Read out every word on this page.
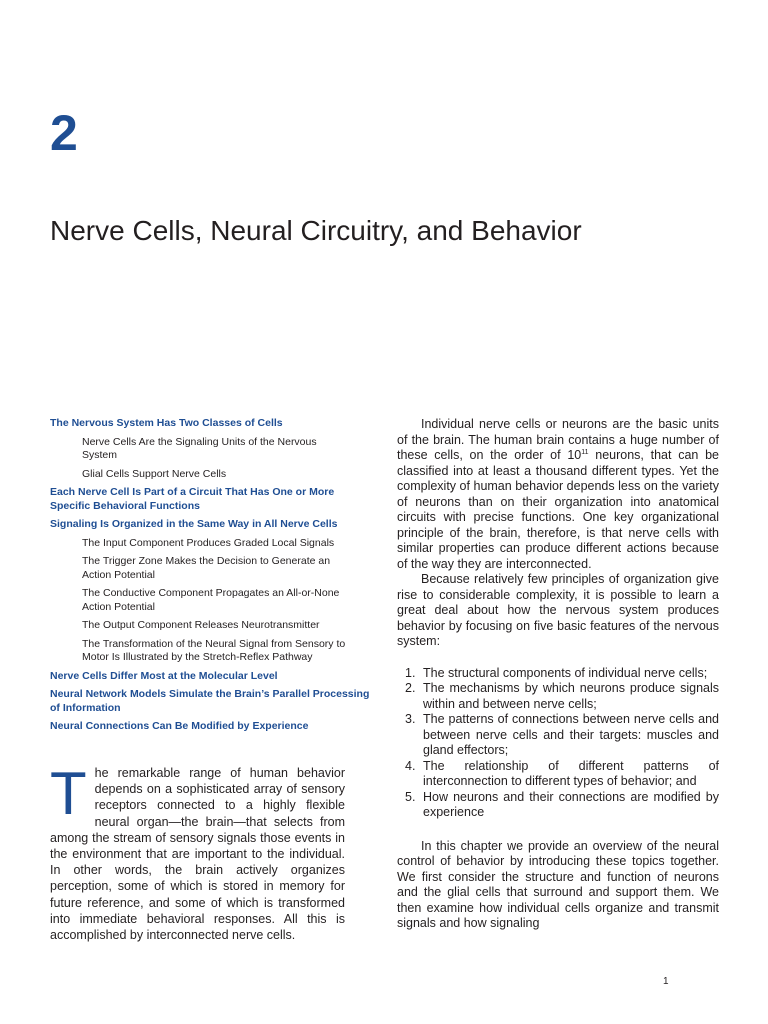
2
Nerve Cells, Neural Circuitry, and Behavior
The Nervous System Has Two Classes of Cells
Nerve Cells Are the Signaling Units of the Nervous System
Glial Cells Support Nerve Cells
Each Nerve Cell Is Part of a Circuit That Has One or More Specific Behavioral Functions
Signaling Is Organized in the Same Way in All Nerve Cells
The Input Component Produces Graded Local Signals
The Trigger Zone Makes the Decision to Generate an Action Potential
The Conductive Component Propagates an All-or-None Action Potential
The Output Component Releases Neurotransmitter
The Transformation of the Neural Signal from Sensory to Motor Is Illustrated by the Stretch-Reflex Pathway
Nerve Cells Differ Most at the Molecular Level
Neural Network Models Simulate the Brain’s Parallel Processing of Information
Neural Connections Can Be Modified by Experience
T he remarkable range of human behavior depends on a sophisticated array of sensory receptors connected to a highly flexible neural organ—the brain—that selects from among the stream of sensory signals those events in the environment that are important to the individual. In other words, the brain actively organizes perception, some of which is stored in memory for future reference, and some of which is transformed into immediate behavioral responses. All this is accomplished by interconnected nerve cells.

Individual nerve cells or neurons are the basic units of the brain. The human brain contains a huge number of these cells, on the order of $10^{11}$ neurons, that can be classified into at least a thousand different types. Yet the complexity of human behavior depends less on the variety of neurons than on their organization into anatomical circuits with precise functions. One key organizational principle of the brain, therefore, is that nerve cells with similar properties can produce different actions because of the way they are interconnected.

Because relatively few principles of organization give rise to considerable complexity, it is possible to learn a great deal about how the nervous system produces behavior by focusing on five basic features of the nervous system:

1. The structural components of individual nerve cells;
2. The mechanisms by which neurons produce signals within and between nerve cells;
3. The patterns of connections between nerve cells and between nerve cells and their targets: muscles and gland effectors;
4. The relationship of different patterns of interconnection to different types of behavior; and
5. How neurons and their connections are modified by experience

In this chapter we provide an overview of the neural control of behavior by introducing these topics together. We first consider the structure and function of neurons and the glial cells that surround and support them. We then examine how individual cells organize and transmit signals and how signaling

1
